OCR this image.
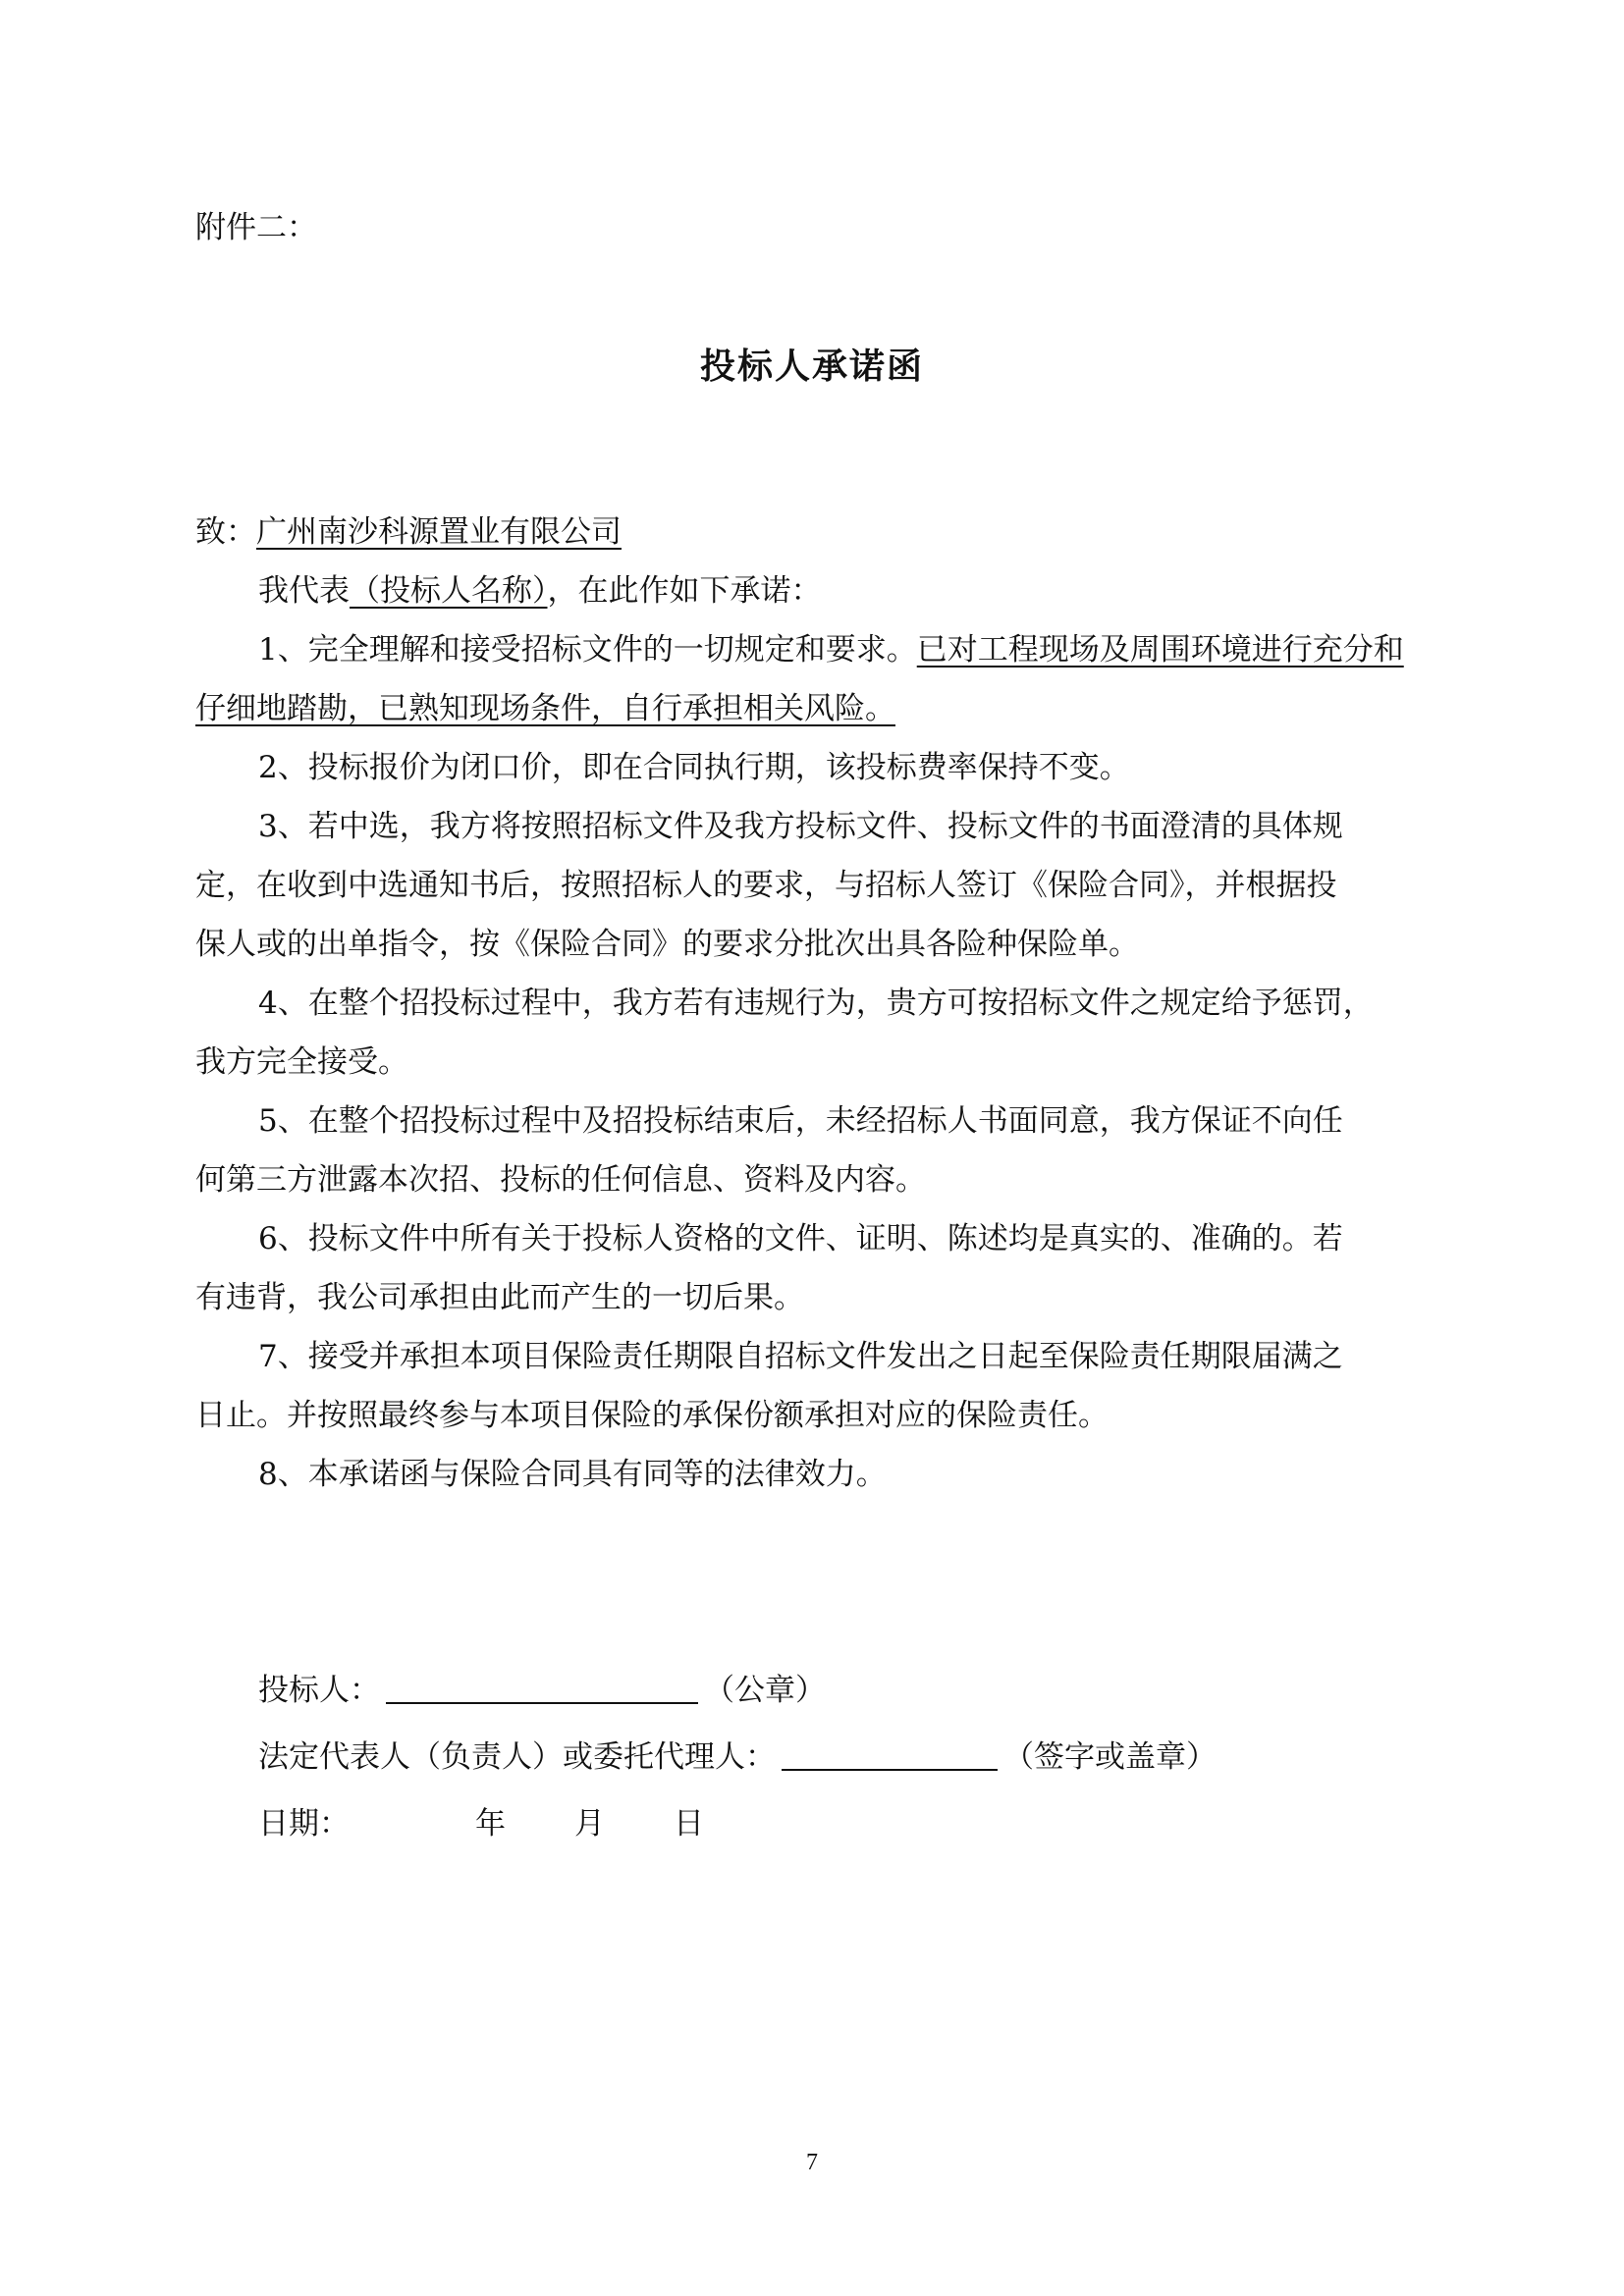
附件二：
投标人承诺函
致：广州南沙科源置业有限公司
我代表（投标人名称），在此作如下承诺：
1、完全理解和接受招标文件的一切规定和要求。已对工程现场及周围环境进行充分和
仔细地踏勘，已熟知现场条件，自行承担相关风险。
2、投标报价为闭口价，即在合同执行期，该投标费率保持不变。
3、若中选，我方将按照招标文件及我方投标文件、投标文件的书面澄清的具体规
定，在收到中选通知书后，按照招标人的要求，与招标人签订《保险合同》，并根据投
保人或的出单指令，按《保险合同》的要求分批次出具各险种保险单。
4、在整个招投标过程中，我方若有违规行为，贵方可按招标文件之规定给予惩罚，
我方完全接受。
5、在整个招投标过程中及招投标结束后，未经招标人书面同意，我方保证不向任
何第三方泄露本次招、投标的任何信息、资料及内容。
6、投标文件中所有关于投标人资格的文件、证明、陈述均是真实的、准确的。若
有违背，我公司承担由此而产生的一切后果。
7、接受并承担本项目保险责任期限自招标文件发出之日起至保险责任期限届满之
日止。并按照最终参与本项目保险的承保份额承担对应的保险责任。
8、本承诺函与保险合同具有同等的法律效力。
投标人：	（公章）
法定代表人（负责人）或委托代理人：	（签字或盖章）
日期：	年 月 日
7
